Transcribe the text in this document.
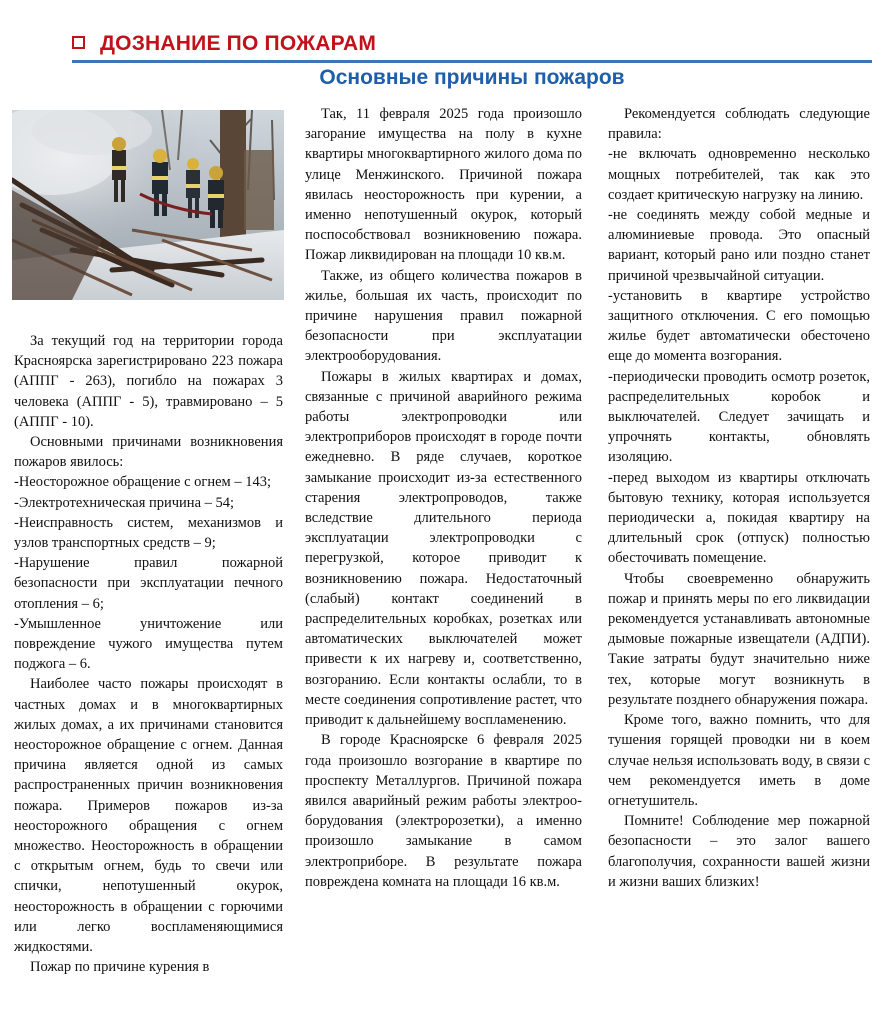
ДОЗНАНИЕ ПО ПОЖАРАМ
Основные причины пожаров

За текущий год на территории города Красноярска зарегистрировано 223 пожара (АППГ - 263), погибло на пожарах 3 человека (АППГ - 5), травмировано – 5 (АППГ - 10).

Основными причинами возникновения пожаров явилось:

-Неосторожное обращение с огнем – 143;

-Электротехническая причина – 54;

-Неисправность систем, механизмов и узлов транспортных средств – 9;

-Нарушение правил пожарной безопасности при эксплуатации печного отопления – 6;

-Умышленное уничтожение или повреждение чужого имущества путем поджога – 6.

Наиболее часто пожары происходят в частных домах и в многоквартирных жилых домах, а их причинами становится неосторожное обращение с огнем. Данная причина является одной из самых распространенных причин возникновения пожара. Примеров пожаров из-за неосторожного обращения с огнем множество. Неосторожность в обращении с открытым огнем, будь то свечи или спички, непотушенный окурок, неосторожность в обращении с горючими или легко воспламеняющимися жидкостями.

Пожар по причине курения в

Так, 11 февраля 2025 года произошло загорание имущества на полу в кухне квартиры многоквартирного жилого дома по улице Менжинского. Причиной пожара явилась неосторожность при курении, а именно непотушенный окурок, который поспособствовал возникновению пожара. Пожар ликвидирован на площади 10 кв.м.

Также, из общего количества пожаров в жилье, большая их часть, происходит по причине нарушения правил пожарной безопасности при эксплуатации электрооборудования.

Пожары в жилых квартирах и домах, связанные с причиной аварийного режима работы электропроводки или электроприборов происходят в городе почти ежедневно. В ряде случаев, короткое замыкание происходит из-за естественного старения электропроводов, также вследствие длительного периода эксплуатации электропроводки с перегрузкой, которое приводит к возникновению пожара. Недостаточный (слабый) контакт соединений в распределительных коробках, розетках или автоматических выключателей может привести к их нагреву и, соответственно, возгоранию. Если контакты ослабли, то в месте соединения сопротивление растет, что приводит к дальнейшему воспламенению.

В городе Красноярске 6 февраля 2025 года произошло возгорание в квартире по проспекту Металлургов. Причиной пожара явился аварийный режим работы электрооборудования (электророзетки), а именно произошло замыкание в самом электроприборе. В результате пожара повреждена комната на площади 16 кв.м.

Рекомендуется соблюдать следующие правила:

-не включать одновременно несколько мощных потребителей, так как это создает критическую нагрузку на линию.

-не соединять между собой медные и алюминиевые провода. Это опасный вариант, который рано или поздно станет причиной чрезвычайной ситуации.

-установить в квартире устройство защитного отключения. С его помощью жилье будет автоматически обесточено еще до момента возгорания.

-периодически проводить осмотр розеток, распределительных коробок и выключателей. Следует зачищать и упрочнять контакты, обновлять изоляцию.

-перед выходом из квартиры отключать бытовую технику, которая используется периодически а, покидая квартиру на длительный срок (отпуск) полностью обесточивать помещение.

Чтобы своевременно обнаружить пожар и принять меры по его ликвидации рекомендуется устанавливать автономные дымовые пожарные извещатели (АДПИ). Такие затраты будут значительно ниже тех, которые могут возникнуть в результате позднего обнаружения пожара.

Кроме того, важно помнить, что для тушения горящей проводки ни в коем случае нельзя использовать воду, в связи с чем рекомендуется иметь в доме огнетушитель.

Помните! Соблюдение мер пожарной безопасности – это залог вашего благополучия, сохранности вашей жизни и жизни ваших близких!
